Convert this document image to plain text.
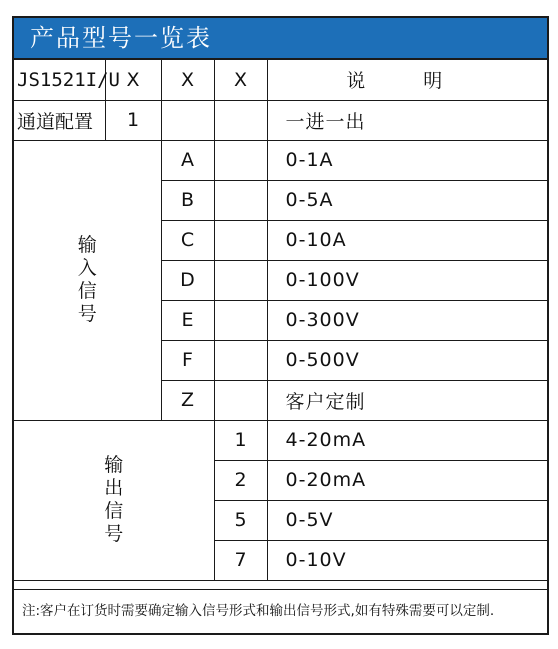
产品型号一览表
JS1521I/U	X	X	X	说 明
通道配置	1			一进一出

输
入
信
号		A		0-1A
		B		0-5A
		C		0-10A
		D		0-100V
		E		0-300V
		F		0-500V
		Z		客户定制

输
出
信
号			1	4-20mA
			2	0-20mA
			5	0-5V
			7	0-10V
注:客户在订货时需要确定输入信号形式和输出信号形式,如有特殊需要可以定制.
